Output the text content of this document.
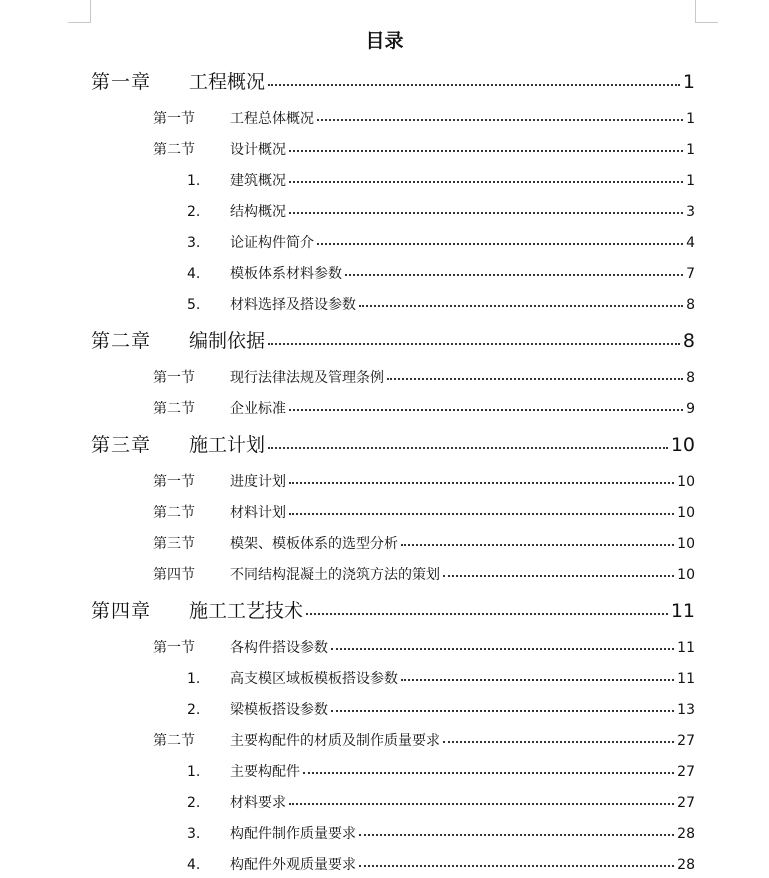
目录
第一章	工程概况	1
第一节	工程总体概况	1
第二节	设计概况	1
1.	建筑概况	1
2.	结构概况	3
3.	论证构件简介	4
4.	模板体系材料参数	7
5.	材料选择及搭设参数	8
第二章	编制依据	8
第一节	现行法律法规及管理条例	8
第二节	企业标准	9
第三章	施工计划	10
第一节	进度计划	10
第二节	材料计划	10
第三节	模架、模板体系的选型分析	10
第四节	不同结构混凝土的浇筑方法的策划	10
第四章	施工工艺技术	11
第一节	各构件搭设参数	11
1.	高支模区域板模板搭设参数	11
2.	梁模板搭设参数	13
第二节	主要构配件的材质及制作质量要求	27
1.	主要构配件	27
2.	材料要求	27
3.	构配件制作质量要求	28
4.	构配件外观质量要求	28
